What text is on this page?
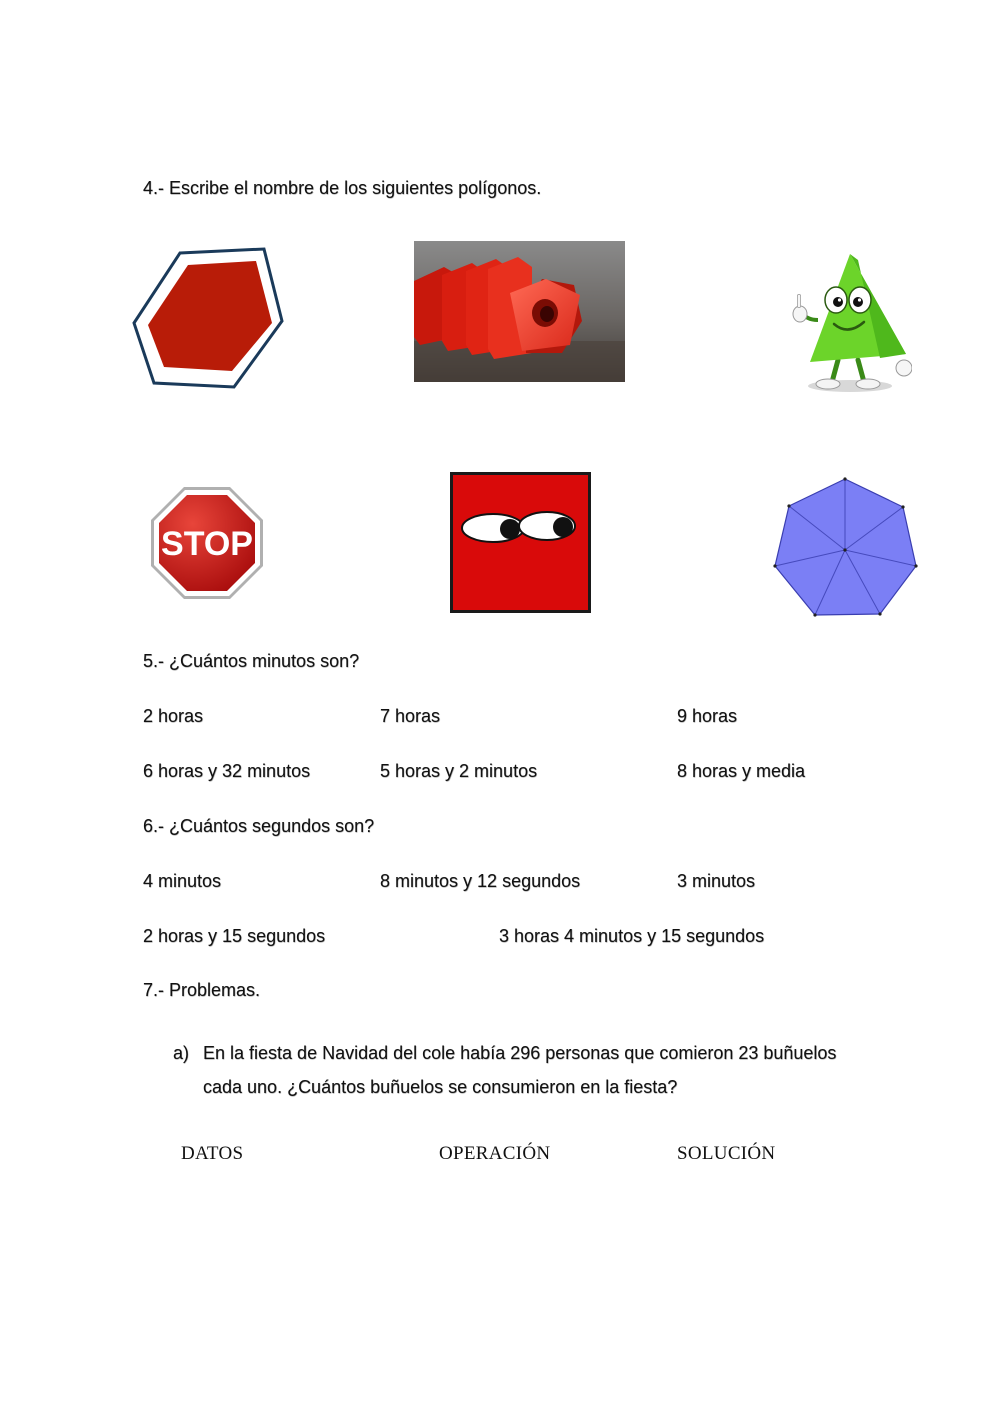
4.- Escribe el nombre de los siguientes polígonos.
STOP
5.- ¿Cuántos minutos son?
2 horas	7 horas	9 horas
6 horas y 32 minutos	5 horas y 2 minutos	8 horas y media
6.- ¿Cuántos segundos son?
4 minutos	8 minutos y 12 segundos	3 minutos
2 horas y 15 segundos	3 horas 4 minutos y 15 segundos
7.- Problemas.
a) En la fiesta de Navidad del cole había 296 personas que comieron 23 buñuelos
cada uno. ¿Cuántos buñuelos se consumieron en la fiesta?
DATOS	OPERACIÓN	SOLUCIÓN
